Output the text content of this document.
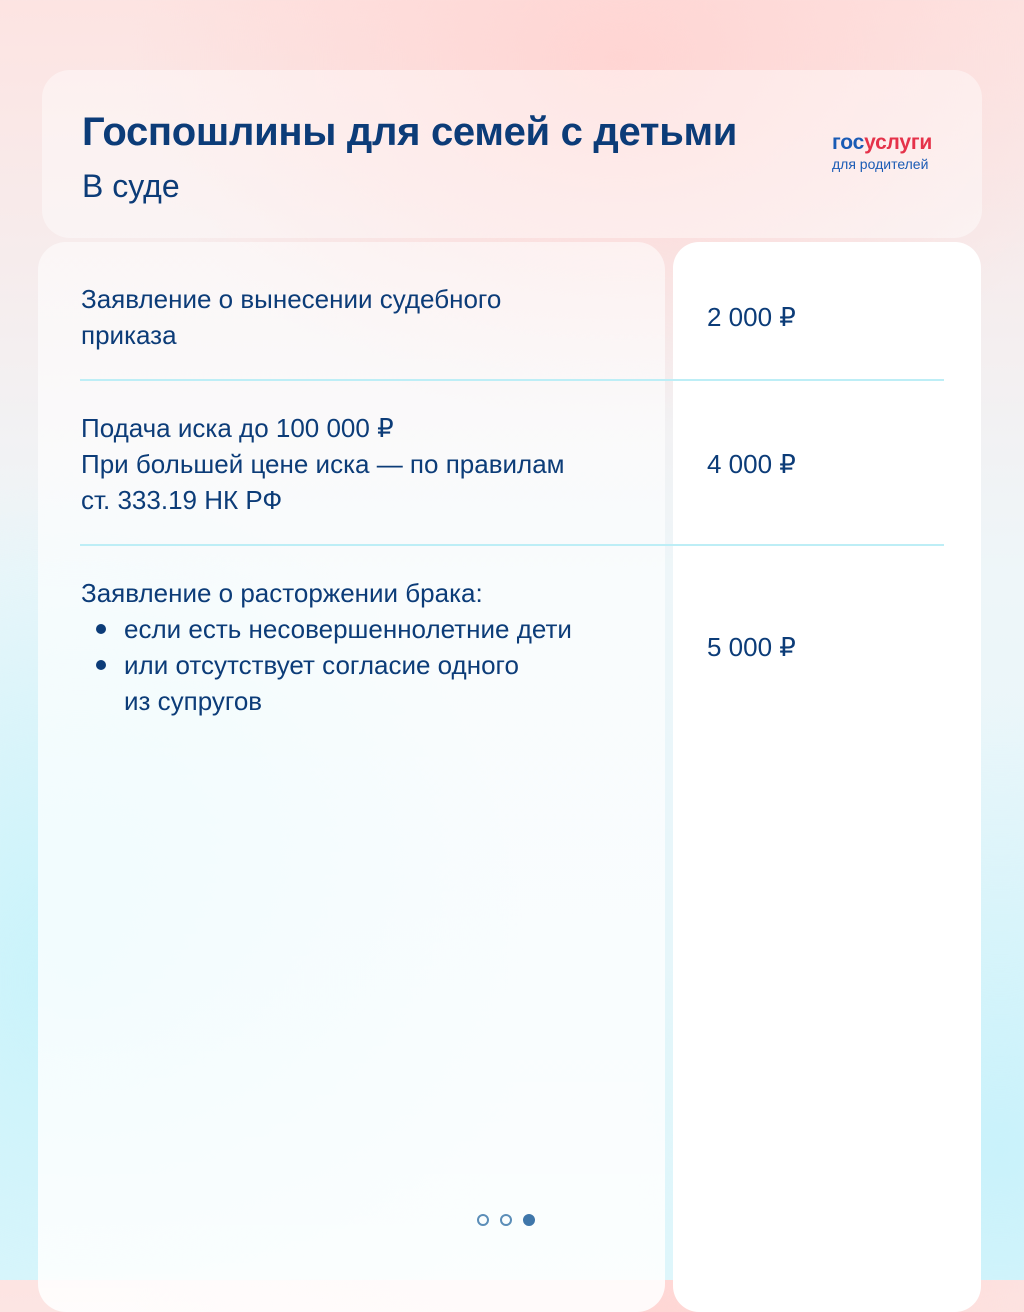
Госпошлины для семей с детьми
В суде
госуслуги
для родителей
Заявление о вынесении судебного
приказа
2 000 ₽
Подача иска до 100 000 ₽
При большей цене иска — по правилам
ст. 333.19 НК РФ
4 000 ₽
Заявление о расторжении брака:
если есть несовершеннолетние дети
или отсутствует согласие одного
из супругов
5 000 ₽
